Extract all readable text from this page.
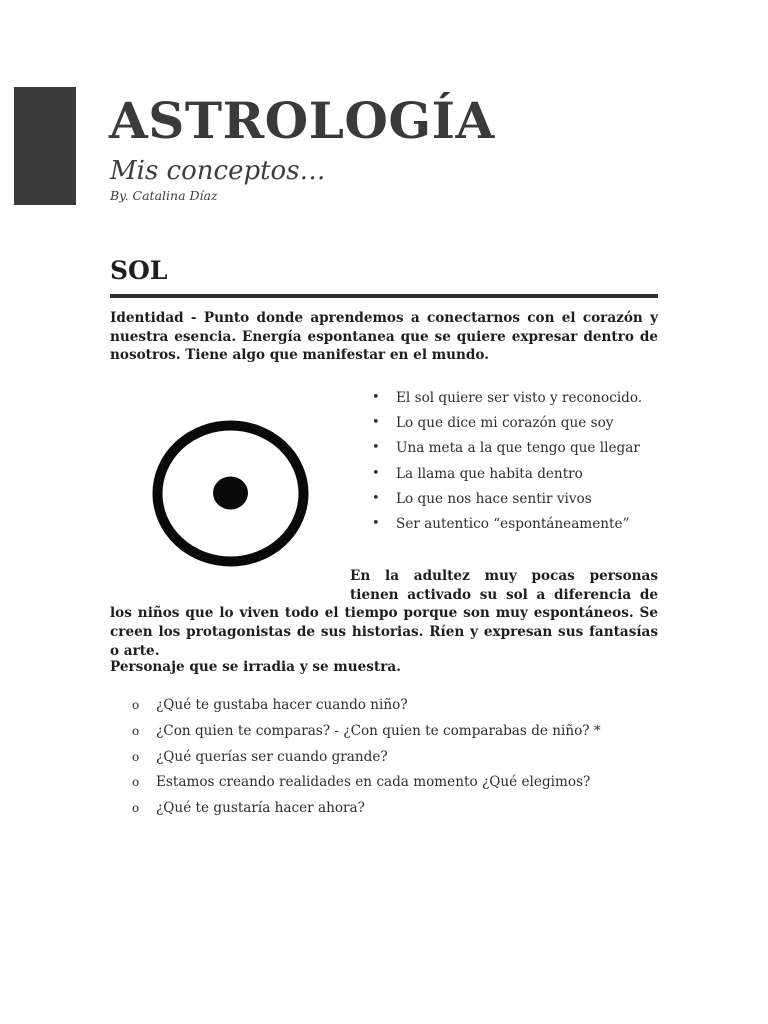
ASTROLOGÍA
Mis conceptos…
By. Catalina Díaz
SOL

Identidad - Punto donde aprendemos a conectarnos con el corazón y nuestra esencia. Energía espontanea que se quiere expresar dentro de nosotros. Tiene algo que manifestar en el mundo.

• El sol quiere ser visto y reconocido.
• Lo que dice mi corazón que soy
• Una meta a la que tengo que llegar
• La llama que habita dentro
• Lo que nos hace sentir vivos
• Ser autentico “espontáneamente”

En la adultez muy pocas personas tienen activado su sol a diferencia de los niños que lo viven todo el tiempo porque son muy espontáneos. Se creen los protagonistas de sus historias. Ríen y expresan sus fantasías o arte.

Personaje que se irradia y se muestra.

o ¿Qué te gustaba hacer cuando niño?
o ¿Con quien te comparas? - ¿Con quien te comparabas de niño? *
o ¿Qué querías ser cuando grande?
o Estamos creando realidades en cada momento ¿Qué elegimos?
o ¿Qué te gustaría hacer ahora?
